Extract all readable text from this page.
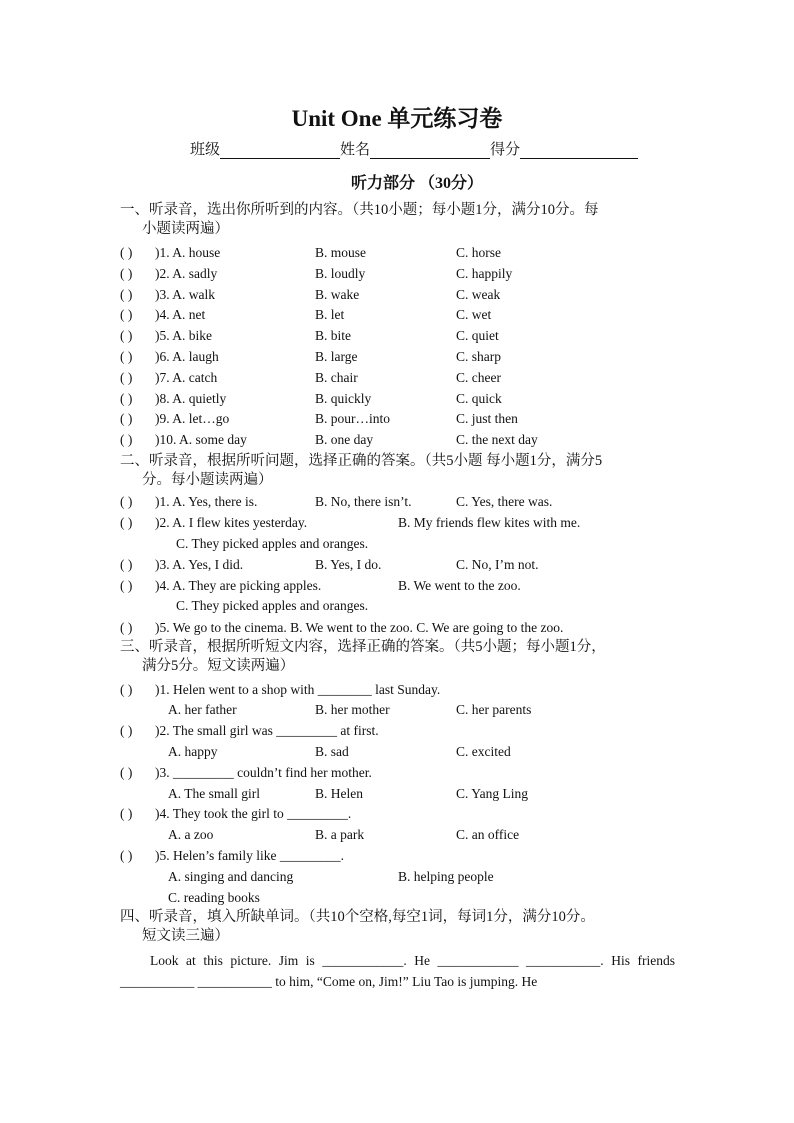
Unit One 单元练习卷
班级	姓名	得分
听力部分 （30分）
一、听录音，选出你所听到的内容。（共10小题；每小题1分，满分10分。每
小题读两遍）
( ) )1. A. house	B. mouse	C. horse
( ) )2. A. sadly	B. loudly	C. happily
( ) )3. A. walk	B. wake	C. weak
( ) )4. A. net	B. let	C. wet
( ) )5. A. bike	B. bite	C. quiet
( ) )6. A. laugh	B. large	C. sharp
( ) )7. A. catch	B. chair	C. cheer
( ) )8. A. quietly	B. quickly	C. quick
( ) )9. A. let…go	B. pour…into	C. just then
( ) )10. A. some day	B. one day	C. the next day
二、听录音，根据所听问题，选择正确的答案。（共5小题 每小题1分，满分5
分。每小题读两遍）
( ) )1. A. Yes, there is.	B. No, there isn’t.	C. Yes, there was.
( ) )2. A. I flew kites yesterday.	B. My friends flew kites with me.
C. They picked apples and oranges.
( ) )3. A. Yes, I did.	B. Yes, I do.	C. No, I’m not.
( ) )4. A. They are picking apples.	B. We went to the zoo.
C. They picked apples and oranges.
( ) )5. We go to the cinema. B. We went to the zoo. C. We are going to the zoo.
三、听录音，根据所听短文内容，选择正确的答案。（共5小题；每小题1分，
满分5分。短文读两遍）
( ) )1. Helen went to a shop with ________ last Sunday.
A. her father	B. her mother	C. her parents
( ) )2. The small girl was _________ at first.
A. happy	B. sad	C. excited
( ) )3. _________ couldn’t find her mother.
A. The small girl	B. Helen	C. Yang Ling
( ) )4. They took the girl to _________.
A. a zoo	B. a park	C. an office
( ) )5. Helen’s family like _________.
A. singing and dancing	B. helping people
C. reading books
四、听录音，填入所缺单词。（共10个空格,每空1词，每词1分，满分10分。
短文读三遍）
Look at this picture. Jim is ____________. He ____________ ___________. His friends ___________ ___________ to him, “Come on, Jim!” Liu Tao is jumping. He
